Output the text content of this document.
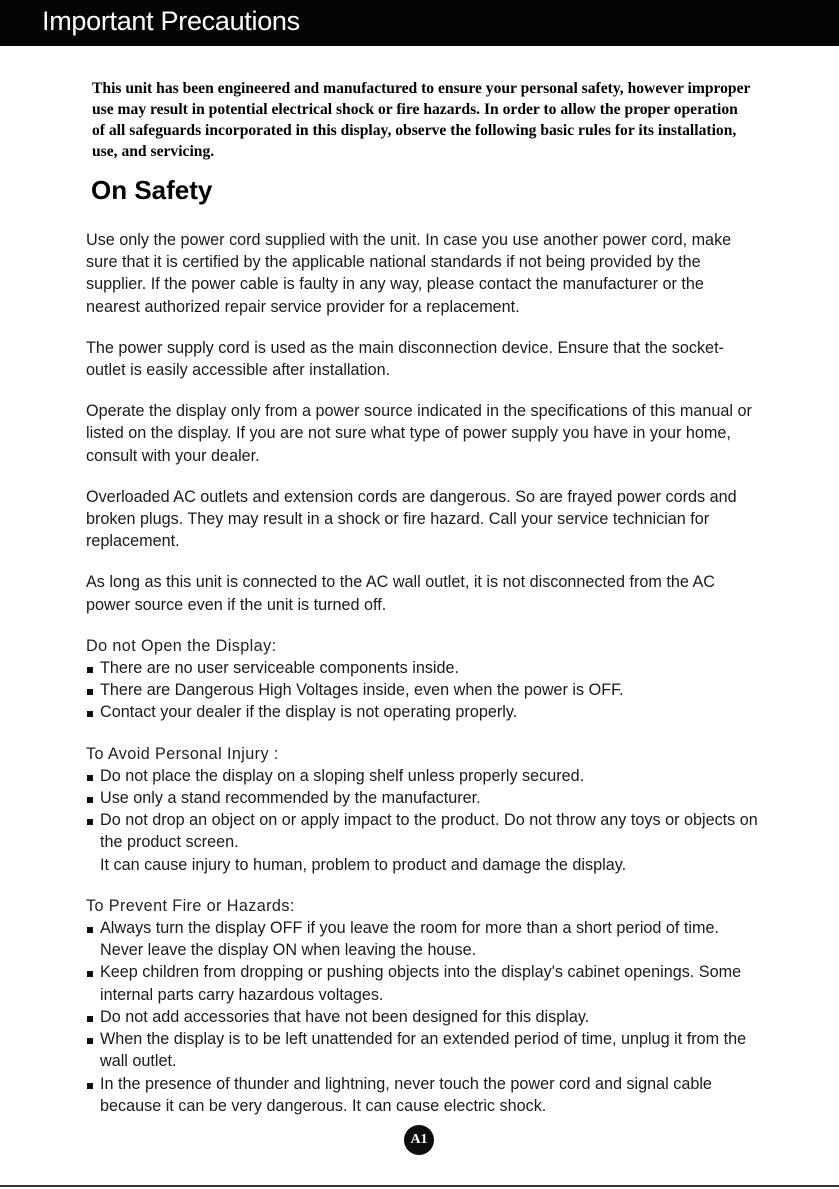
Important Precautions
This unit has been engineered and manufactured to ensure your personal safety, however improper use may result in potential electrical shock or fire hazards. In order to allow the proper operation of all safeguards incorporated in this display, observe the following basic rules for its installation, use, and servicing.
On Safety

Use only the power cord supplied with the unit. In case you use another power cord, make sure that it is certified by the applicable national standards if not being provided by the supplier. If the power cable is faulty in any way, please contact the manufacturer or the nearest authorized repair service provider for a replacement.

The power supply cord is used as the main disconnection device. Ensure that the socket-outlet is easily accessible after installation.

Operate the display only from a power source indicated in the specifications of this manual or listed on the display. If you are not sure what type of power supply you have in your home, consult with your dealer.

Overloaded AC outlets and extension cords are dangerous. So are frayed power cords and broken plugs. They may result in a shock or fire hazard. Call your service technician for replacement.

As long as this unit is connected to the AC wall outlet, it is not disconnected from the AC power source even if the unit is turned off.

Do not Open the Display:

There are no user serviceable components inside.
There are Dangerous High Voltages inside, even when the power is OFF.
Contact your dealer if the display is not operating properly.

To Avoid Personal Injury :

Do not place the display on a sloping shelf unless properly secured.
Use only a stand recommended by the manufacturer.
Do not drop an object on or apply impact to the product. Do not throw any toys or objects on the product screen.
It can cause injury to human, problem to product and damage the display.

To Prevent Fire or Hazards:

Always turn the display OFF if you leave the room for more than a short period of time. Never leave the display ON when leaving the house.
Keep children from dropping or pushing objects into the display's cabinet openings. Some internal parts carry hazardous voltages.
Do not add accessories that have not been designed for this display.
When the display is to be left unattended for an extended period of time, unplug it from the wall outlet.
In the presence of thunder and lightning, never touch the power cord and signal cable because it can be very dangerous. It can cause electric shock.
A1
